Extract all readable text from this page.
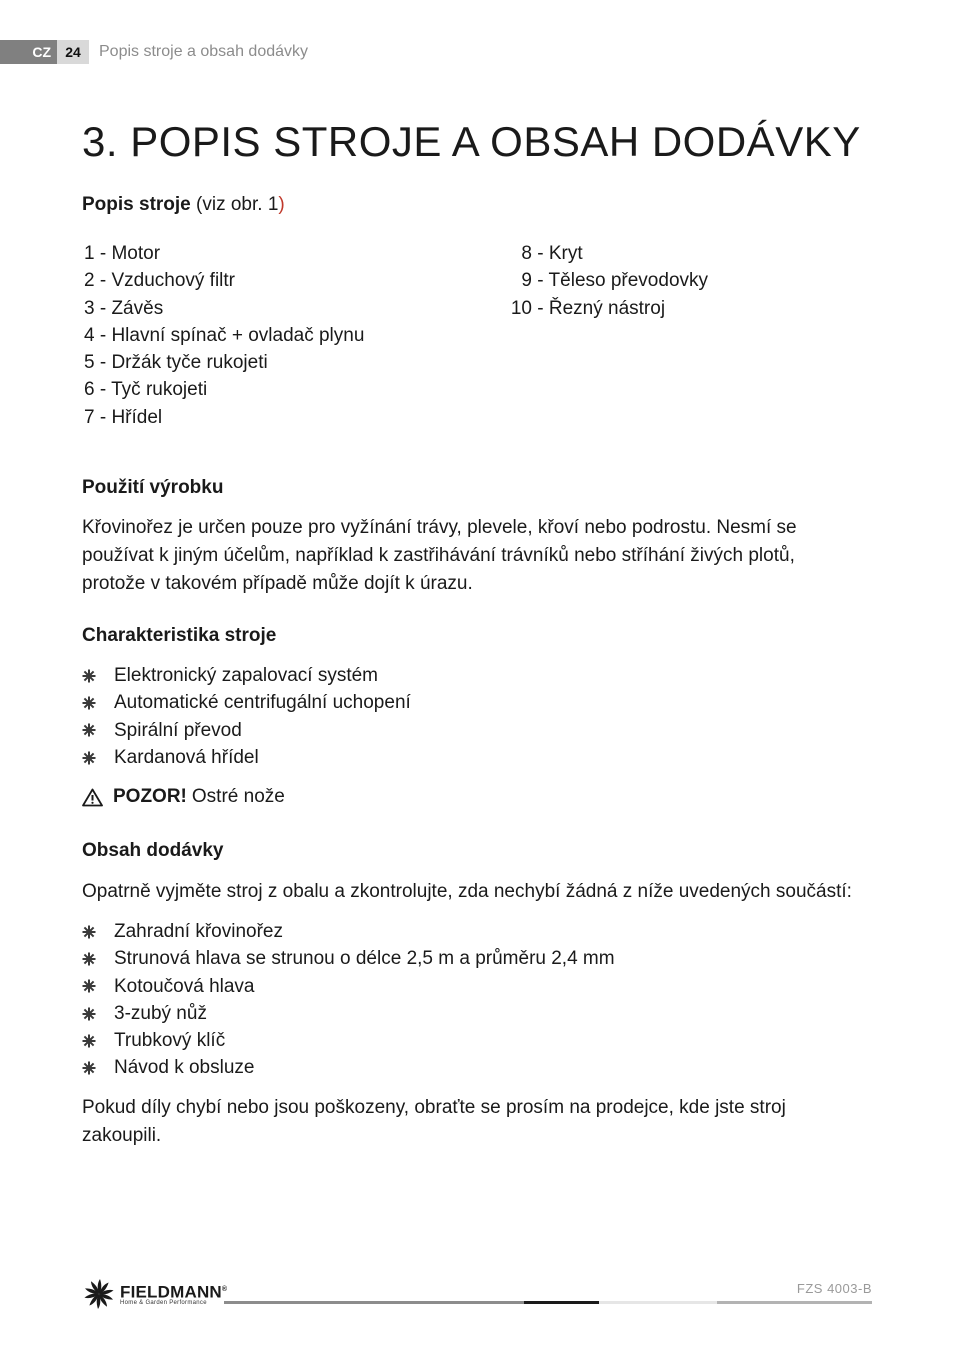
CZ	24	Popis stroje a obsah dodávky
3. POPIS STROJE A OBSAH DODÁVKY

Popis stroje (viz obr. 1)

1 - Motor
2 - Vzduchový filtr
3 - Závěs
4 - Hlavní spínač + ovladač plynu
5 - Držák tyče rukojeti
6 - Tyč rukojeti
7 - Hřídel
8 - Kryt
9 - Těleso převodovky
10 - Řezný nástroj

Použití výrobku

Křovinořez je určen pouze pro vyžínání trávy, plevele, křoví nebo podrostu. Nesmí se používat k jiným účelům, například k zastřihávání trávníků nebo stříhání živých plotů, protože v takovém případě může dojít k úrazu.

Charakteristika stroje

Elektronický zapalovací systém
Automatické centrifugální uchopení
Spirální převod
Kardanová hřídel
POZOR! Ostré nože

Obsah dodávky

Opatrně vyjměte stroj z obalu a zkontrolujte, zda nechybí žádná z níže uvedených součástí:

Zahradní křovinořez
Strunová hlava se strunou o délce 2,5 m a průměru 2,4 mm
Kotoučová hlava
3-zubý nůž
Trubkový klíč
Návod k obsluze

Pokud díly chybí nebo jsou poškozeny, obraťte se prosím na prodejce, kde jste stroj zakoupili.

FIELDMANN®
Home & Garden Performance
FZS 4003-B
